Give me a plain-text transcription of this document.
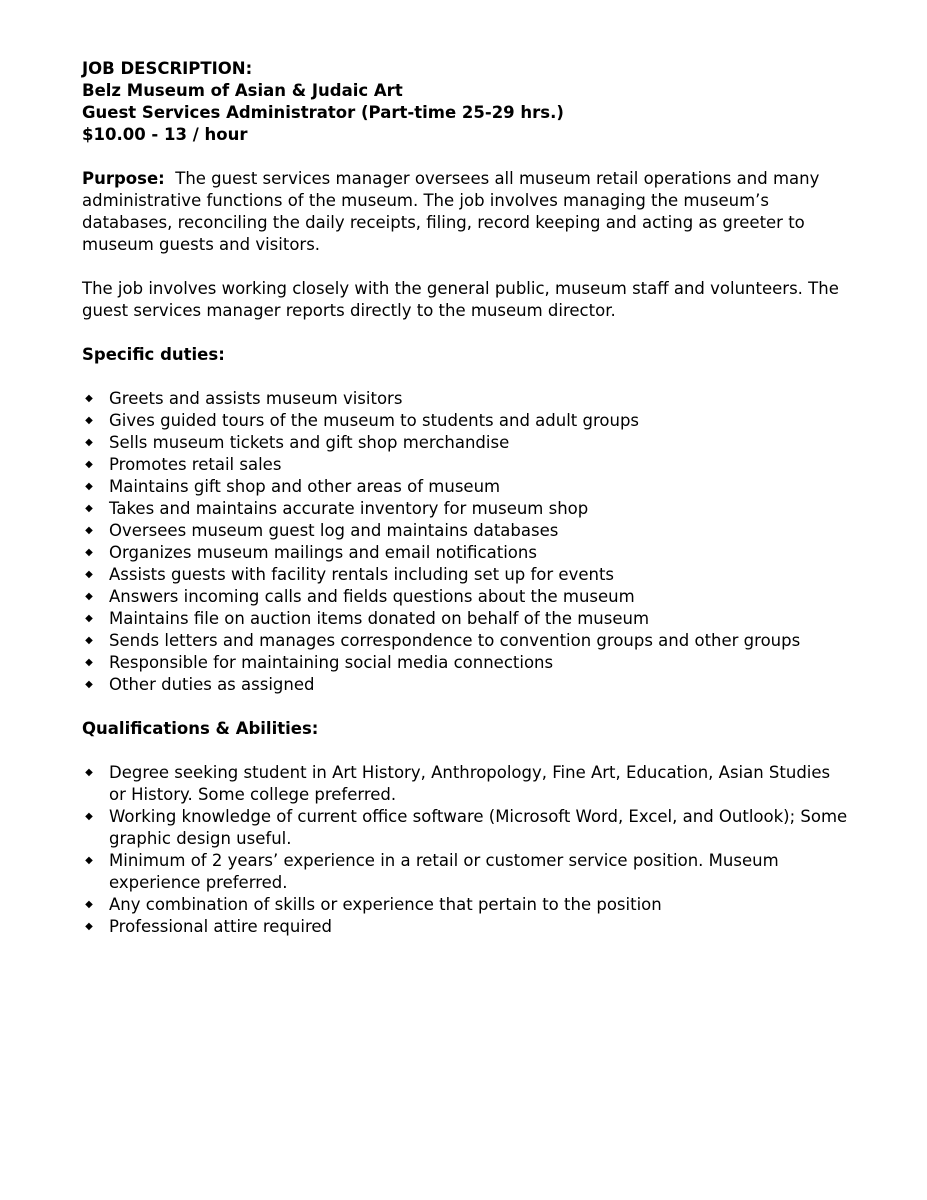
JOB DESCRIPTION:
Belz Museum of Asian & Judaic Art
Guest Services Administrator (Part-time 25-29 hrs.)
$10.00 - 13 / hour

Purpose: The guest services manager oversees all museum retail operations and many administrative functions of the museum. The job involves managing the museum’s databases, reconciling the daily receipts, filing, record keeping and acting as greeter to museum guests and visitors.

The job involves working closely with the general public, museum staff and volunteers. The guest services manager reports directly to the museum director.

Specific duties:

◆ Greets and assists museum visitors
◆ Gives guided tours of the museum to students and adult groups
◆ Sells museum tickets and gift shop merchandise
◆ Promotes retail sales
◆ Maintains gift shop and other areas of museum
◆ Takes and maintains accurate inventory for museum shop
◆ Oversees museum guest log and maintains databases
◆ Organizes museum mailings and email notifications
◆ Assists guests with facility rentals including set up for events
◆ Answers incoming calls and fields questions about the museum
◆ Maintains file on auction items donated on behalf of the museum
◆ Sends letters and manages correspondence to convention groups and other groups
◆ Responsible for maintaining social media connections
◆ Other duties as assigned

Qualifications & Abilities:

◆ Degree seeking student in Art History, Anthropology, Fine Art, Education, Asian Studies or History. Some college preferred.
◆ Working knowledge of current office software (Microsoft Word, Excel, and Outlook); Some graphic design useful.
◆ Minimum of 2 years’ experience in a retail or customer service position. Museum experience preferred.
◆ Any combination of skills or experience that pertain to the position
◆ Professional attire required
